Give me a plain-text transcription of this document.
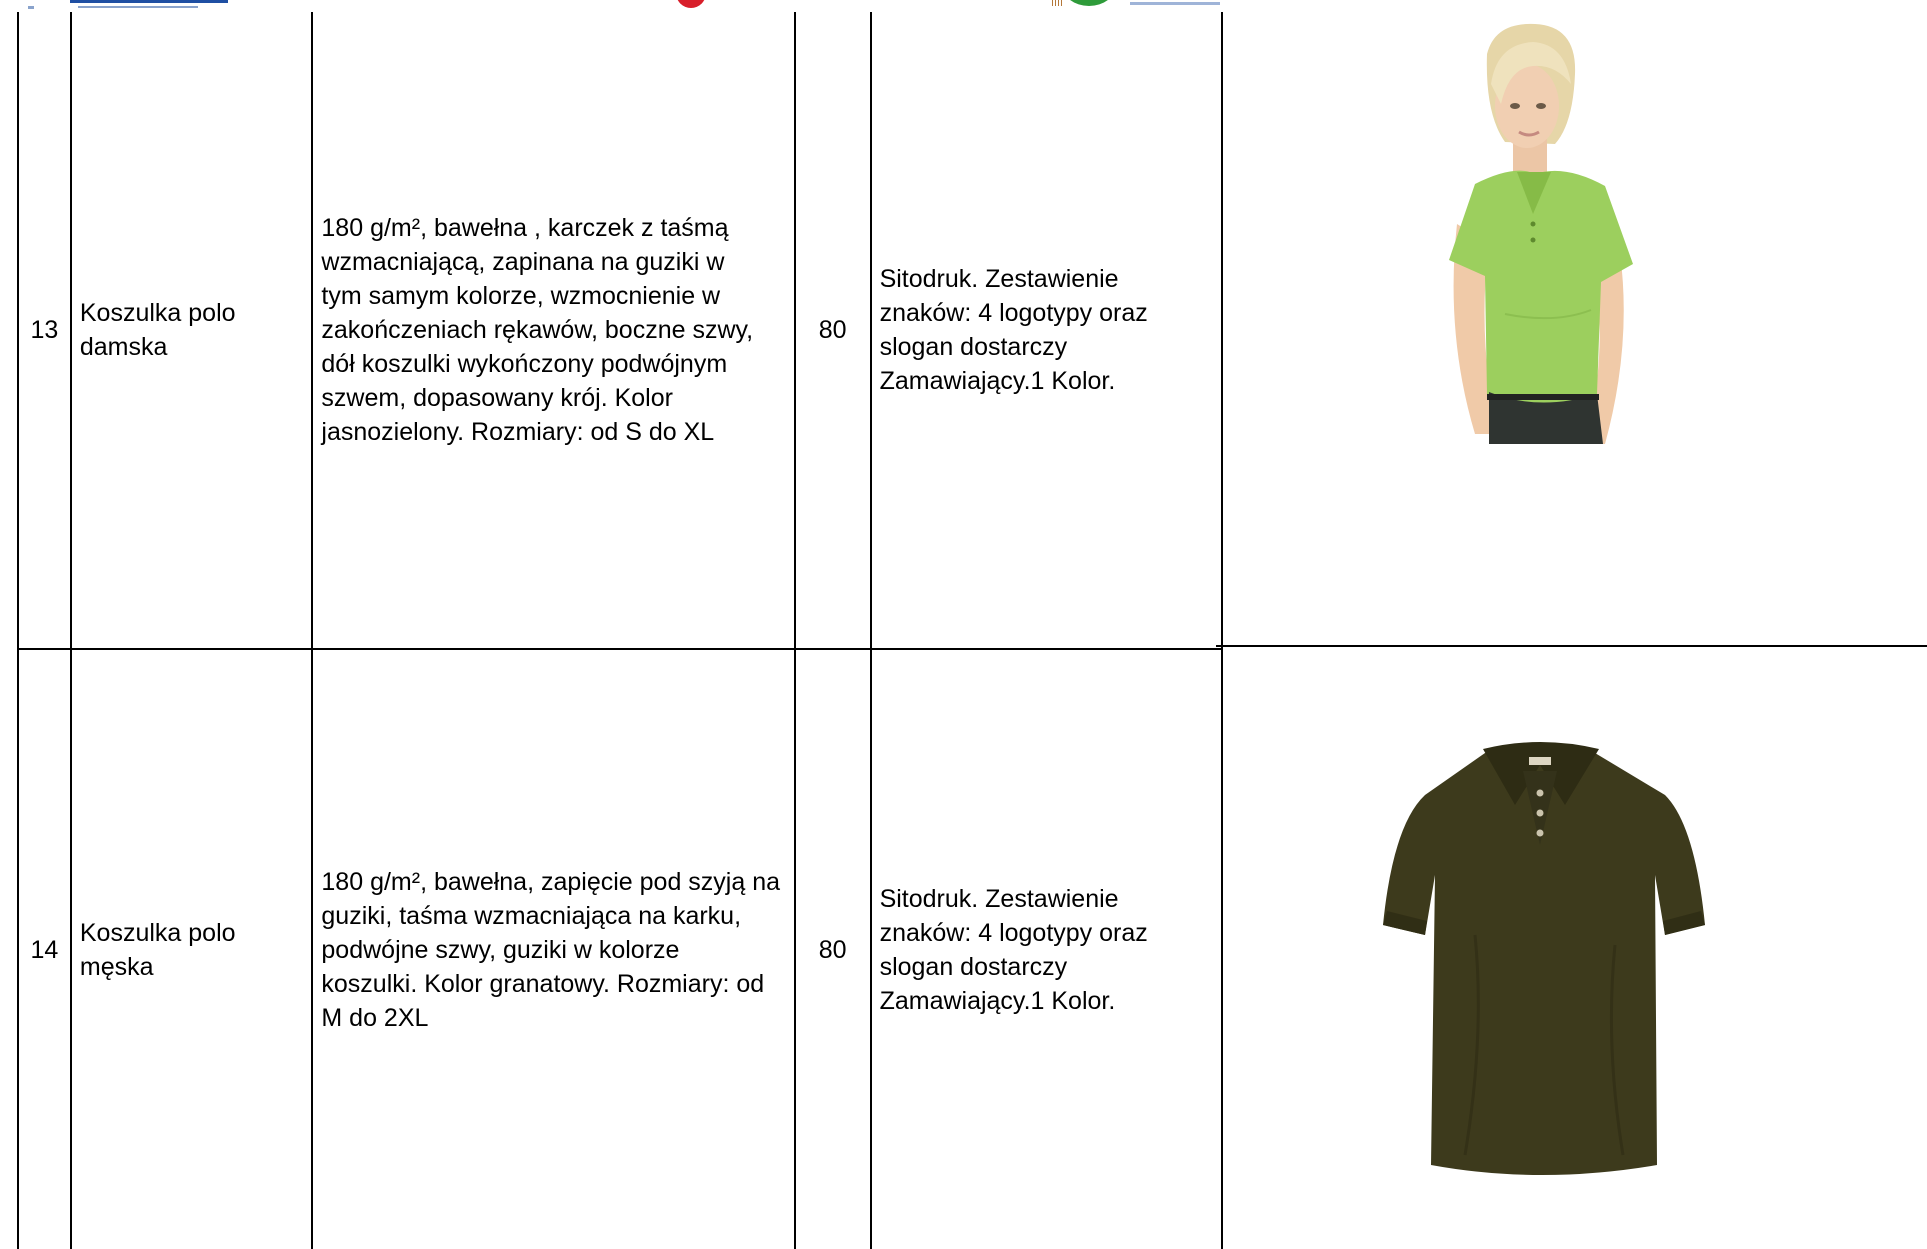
13	Koszulka polo damska	180 g/m², bawełna , karczek z taśmą wzmacniającą, zapinana na guziki w tym samym kolorze, wzmocnienie w zakończeniach rękawów, boczne szwy, dół koszulki wykończony podwójnym szwem, dopasowany krój. Kolor jasnozielony. Rozmiary: od S do XL	80	Sitodruk. Zestawienie znaków: 4 logotypy oraz slogan dostarczy Zamawiający.1 Kolor.	

14	Koszulka polo męska	180 g/m², bawełna, zapięcie pod szyją na guziki, taśma wzmacniająca na karku, podwójne szwy, guziki w kolorze koszulki. Kolor granatowy. Rozmiary: od M do 2XL	80	Sitodruk. Zestawienie znaków: 4 logotypy oraz slogan dostarczy Zamawiający.1 Kolor.	
